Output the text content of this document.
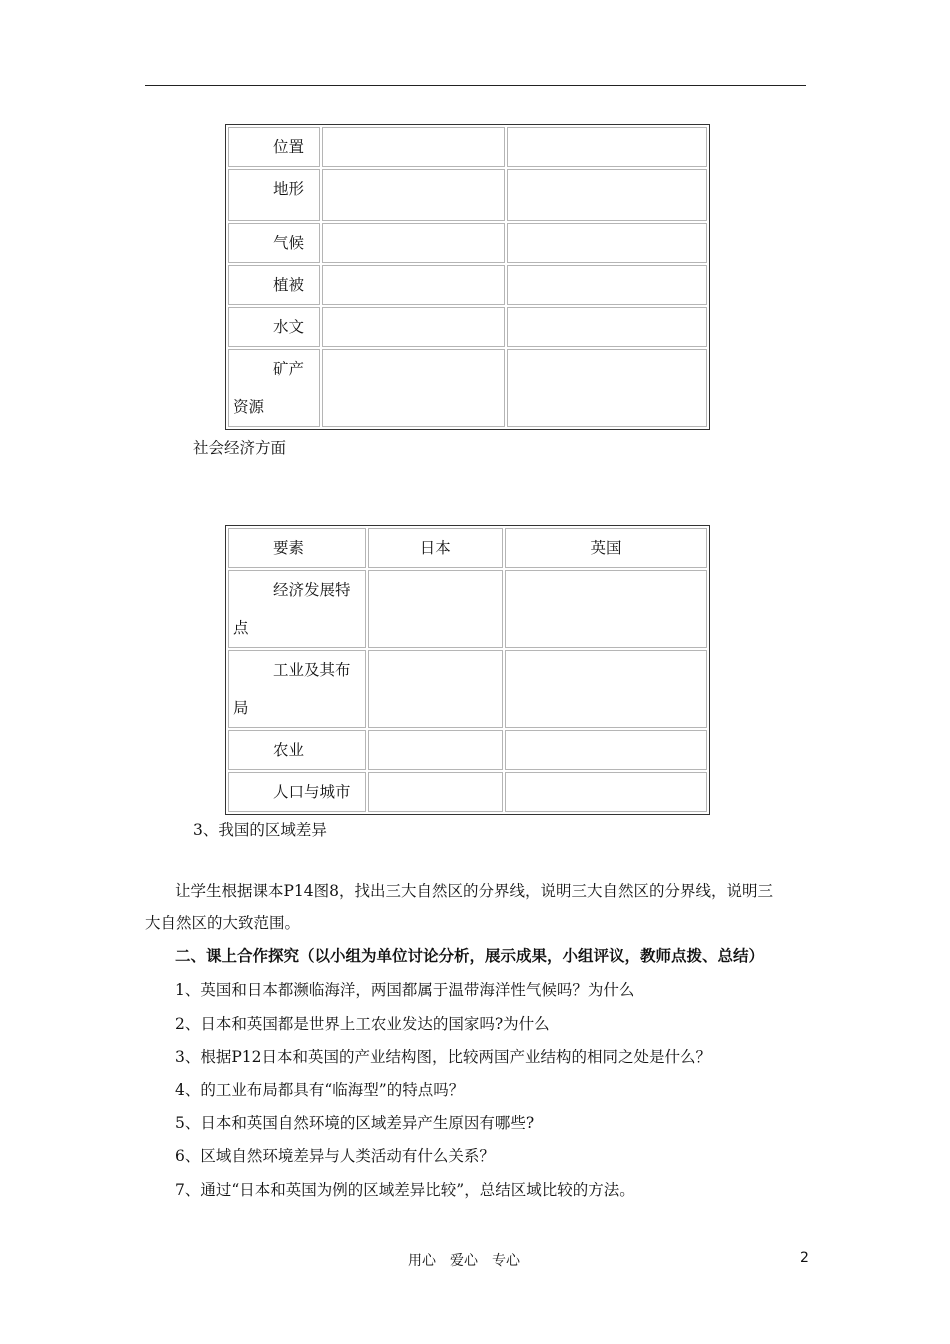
位置		

地形		

气候		

植被		

水文		

矿产
资源		

社会经济方面
要素	日本	英国

经济发展特
点		

工业及其布
局		

农业		

人口与城市		

3、我国的区域差异
让学生根据课本P14图8，找出三大自然区的分界线，说明三大自然区的分界线，说明三
大自然区的大致范围。
二、课上合作探究（以小组为单位讨论分析，展示成果，小组评议，教师点拨、总结）
1、英国和日本都濒临海洋，两国都属于温带海洋性气候吗？为什么
2、日本和英国都是世界上工农业发达的国家吗?为什么
3、根据P12日本和英国的产业结构图，比较两国产业结构的相同之处是什么？
4、的工业布局都具有“临海型”的特点吗？
5、日本和英国自然环境的区域差异产生原因有哪些?
6、区域自然环境差异与人类活动有什么关系？
7、通过“日本和英国为例的区域差异比较”，总结区域比较的方法。
用心　爱心　专心	2
